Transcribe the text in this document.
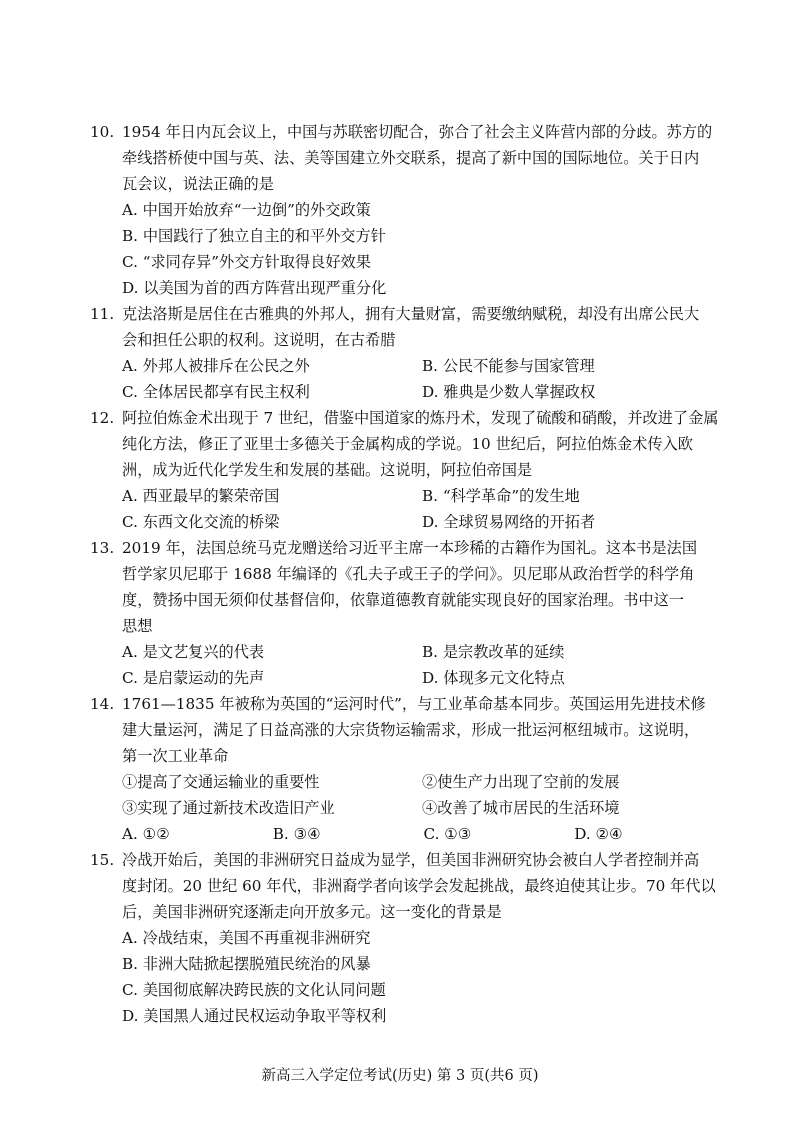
10. 1954 年日内瓦会议上，中国与苏联密切配合，弥合了社会主义阵营内部的分歧。苏方的
牵线搭桥使中国与英、法、美等国建立外交联系，提高了新中国的国际地位。关于日内
瓦会议，说法正确的是
A. 中国开始放弃“一边倒”的外交政策
B. 中国践行了独立自主的和平外交方针
C. “求同存异”外交方针取得良好效果
D. 以美国为首的西方阵营出现严重分化
11. 克法洛斯是居住在古雅典的外邦人，拥有大量财富，需要缴纳赋税，却没有出席公民大
会和担任公职的权利。这说明，在古希腊
A. 外邦人被排斥在公民之外	B. 公民不能参与国家管理
C. 全体居民都享有民主权利	D. 雅典是少数人掌握政权
12. 阿拉伯炼金术出现于 7 世纪，借鉴中国道家的炼丹术，发现了硫酸和硝酸，并改进了金属
纯化方法，修正了亚里士多德关于金属构成的学说。10 世纪后，阿拉伯炼金术传入欧
洲，成为近代化学发生和发展的基础。这说明，阿拉伯帝国是
A. 西亚最早的繁荣帝国	B. “科学革命”的发生地
C. 东西文化交流的桥梁	D. 全球贸易网络的开拓者
13. 2019 年，法国总统马克龙赠送给习近平主席一本珍稀的古籍作为国礼。这本书是法国
哲学家贝尼耶于 1688 年编译的《孔夫子或王子的学问》。贝尼耶从政治哲学的科学角
度，赞扬中国无须仰仗基督信仰，依靠道德教育就能实现良好的国家治理。书中这一
思想
A. 是文艺复兴的代表	B. 是宗教改革的延续
C. 是启蒙运动的先声	D. 体现多元文化特点
14. 1761—1835 年被称为英国的“运河时代”，与工业革命基本同步。英国运用先进技术修
建大量运河，满足了日益高涨的大宗货物运输需求，形成一批运河枢纽城市。这说明，
第一次工业革命
①提高了交通运输业的重要性	②使生产力出现了空前的发展
③实现了通过新技术改造旧产业	④改善了城市居民的生活环境
A. ①②	B. ③④	C. ①③	D. ②④
15. 冷战开始后，美国的非洲研究日益成为显学，但美国非洲研究协会被白人学者控制并高
度封闭。20 世纪 60 年代，非洲裔学者向该学会发起挑战，最终迫使其让步。70 年代以
后，美国非洲研究逐渐走向开放多元。这一变化的背景是
A. 冷战结束，美国不再重视非洲研究
B. 非洲大陆掀起摆脱殖民统治的风暴
C. 美国彻底解决跨民族的文化认同问题
D. 美国黑人通过民权运动争取平等权利
新高三入学定位考试(历史) 第 3 页(共6 页)
